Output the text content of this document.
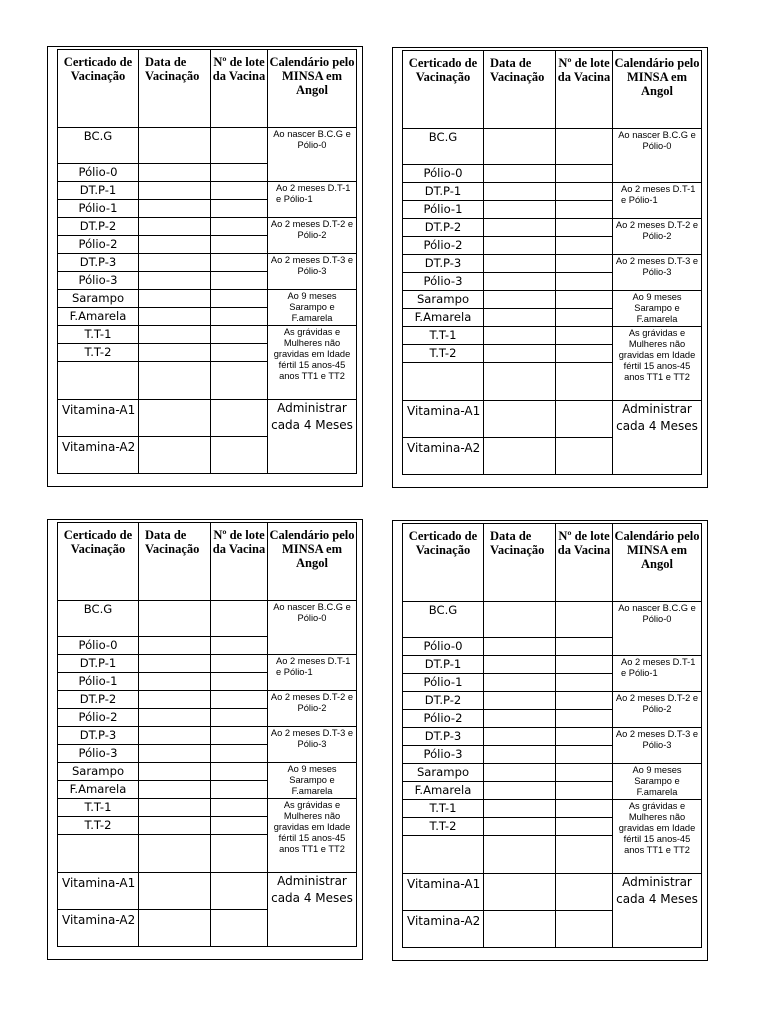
Certicado de Vacinação	Data de Vacinação	Nº de lote da Vacina	Calendário pelo MINSA em Angol
BC.G			Ao nascer B.C.G e Pólio-0
Pólio-0			
DT.P-1			Ao 2 meses D.T-1 e Pólio-1
Pólio-1			
DT.P-2			Ao 2 meses D.T-2 e Pólio-2
Pólio-2			
DT.P-3			Ao 2 meses D.T-3 e Pólio-3
Pólio-3			
Sarampo			Ao 9 meses Sarampo e F.amarela
F.Amarela			
T.T-1			As grávidas e Mulheres não gravidas em Idade fértil 15 anos-45 anos TT1 e TT2
T.T-2			

Vitamina-A1			Administrar cada 4 Meses
Vitamina-A2			
Certicado de Vacinação	Data de Vacinação	Nº de lote da Vacina	Calendário pelo MINSA em Angol
BC.G			Ao nascer B.C.G e Pólio-0
Pólio-0			
DT.P-1			Ao 2 meses D.T-1 e Pólio-1
Pólio-1			
DT.P-2			Ao 2 meses D.T-2 e Pólio-2
Pólio-2			
DT.P-3			Ao 2 meses D.T-3 e Pólio-3
Pólio-3			
Sarampo			Ao 9 meses Sarampo e F.amarela
F.Amarela			
T.T-1			As grávidas e Mulheres não gravidas em Idade fértil 15 anos-45 anos TT1 e TT2
T.T-2			

Vitamina-A1			Administrar cada 4 Meses
Vitamina-A2			
Certicado de Vacinação	Data de Vacinação	Nº de lote da Vacina	Calendário pelo MINSA em Angol
BC.G			Ao nascer B.C.G e Pólio-0
Pólio-0			
DT.P-1			Ao 2 meses D.T-1 e Pólio-1
Pólio-1			
DT.P-2			Ao 2 meses D.T-2 e Pólio-2
Pólio-2			
DT.P-3			Ao 2 meses D.T-3 e Pólio-3
Pólio-3			
Sarampo			Ao 9 meses Sarampo e F.amarela
F.Amarela			
T.T-1			As grávidas e Mulheres não gravidas em Idade fértil 15 anos-45 anos TT1 e TT2
T.T-2			

Vitamina-A1			Administrar cada 4 Meses
Vitamina-A2			
Certicado de Vacinação	Data de Vacinação	Nº de lote da Vacina	Calendário pelo MINSA em Angol
BC.G			Ao nascer B.C.G e Pólio-0
Pólio-0			
DT.P-1			Ao 2 meses D.T-1 e Pólio-1
Pólio-1			
DT.P-2			Ao 2 meses D.T-2 e Pólio-2
Pólio-2			
DT.P-3			Ao 2 meses D.T-3 e Pólio-3
Pólio-3			
Sarampo			Ao 9 meses Sarampo e F.amarela
F.Amarela			
T.T-1			As grávidas e Mulheres não gravidas em Idade fértil 15 anos-45 anos TT1 e TT2
T.T-2			

Vitamina-A1			Administrar cada 4 Meses
Vitamina-A2			
